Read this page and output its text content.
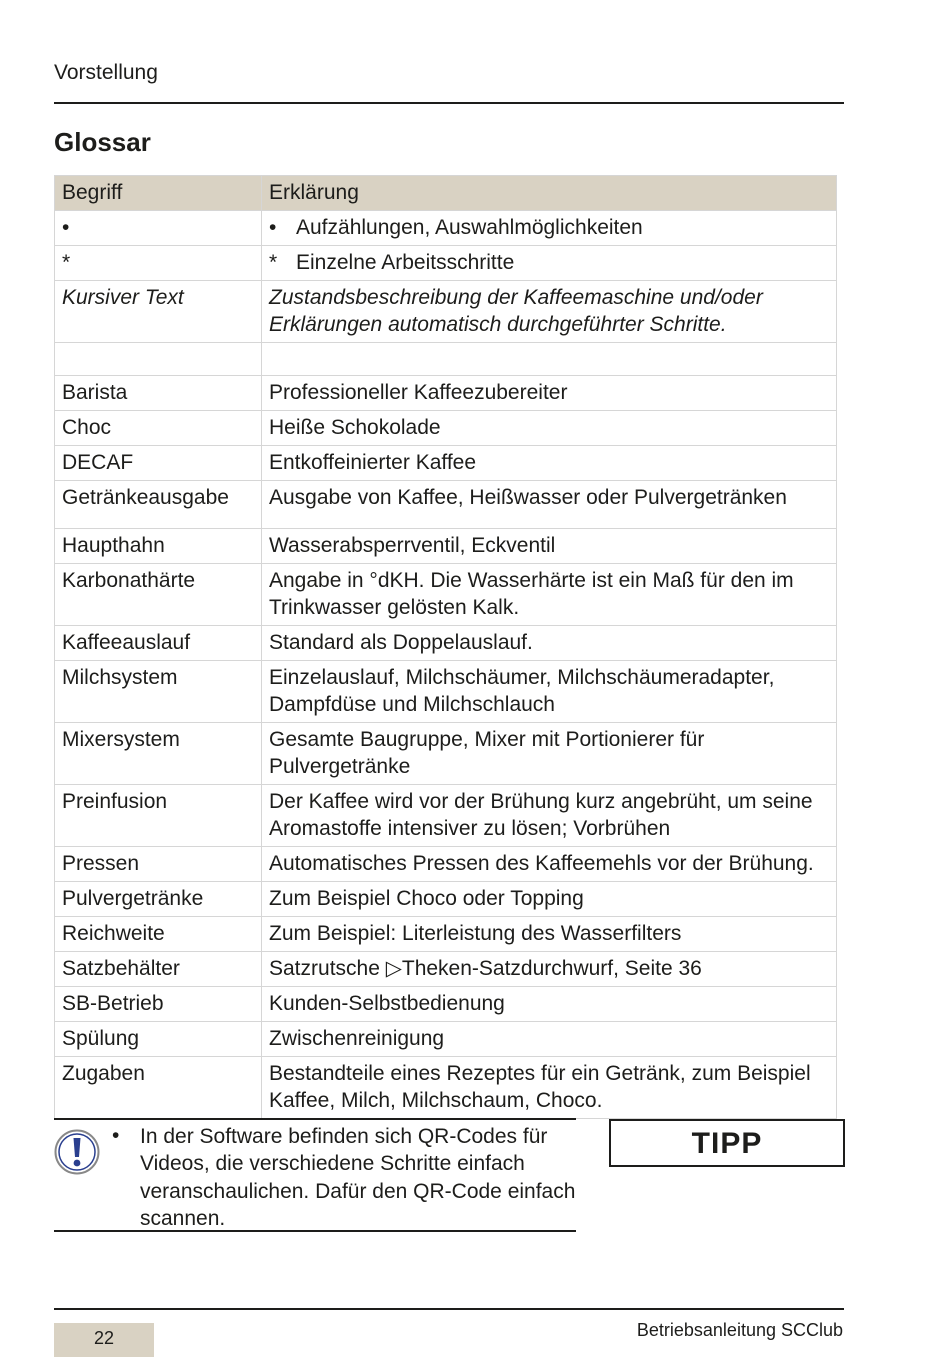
Vorstellung
Glossar
Begriff	Erklärung
•	• Aufzählungen, Auswahlmöglichkeiten
*	* Einzelne Arbeitsschritte
Kursiver Text	Zustandsbeschreibung der Kaffeemaschine und/oder Erklärungen automatisch durchgeführter Schritte.

Barista	Professioneller Kaffeezubereiter
Choc	Heiße Schokolade
DECAF	Entkoffeinierter Kaffee
Getränkeausgabe	Ausgabe von Kaffee, Heißwasser oder Pulvergetränken
Haupthahn	Wasserabsperrventil, Eckventil
Karbonathärte	Angabe in °dKH. Die Wasserhärte ist ein Maß für den im Trinkwasser gelösten Kalk.
Kaffeeauslauf	Standard als Doppelauslauf.
Milchsystem	Einzelauslauf, Milchschäumer, Milchschäumeradapter, Dampfdüse und Milchschlauch
Mixersystem	Gesamte Baugruppe, Mixer mit Portionierer für Pulvergetränke
Preinfusion	Der Kaffee wird vor der Brühung kurz angebrüht, um seine Aromastoffe intensiver zu lösen; Vorbrühen
Pressen	Automatisches Pressen des Kaffeemehls vor der Brühung.
Pulvergetränke	Zum Beispiel Choco oder Topping
Reichweite	Zum Beispiel: Literleistung des Wasserfilters
Satzbehälter	Satzrutsche ▷Theken-Satzdurchwurf, Seite 36
SB-Betrieb	Kunden-Selbstbedienung
Spülung	Zwischenreinigung
Zugaben	Bestandteile eines Rezeptes für ein Getränk, zum Beispiel Kaffee, Milch, Milchschaum, Choco.
• In der Software befinden sich QR-Codes für Videos, die verschiedene Schritte einfach veranschaulichen. Dafür den QR-Code einfach scannen.
TIPP
22	Betriebsanleitung SCClub
